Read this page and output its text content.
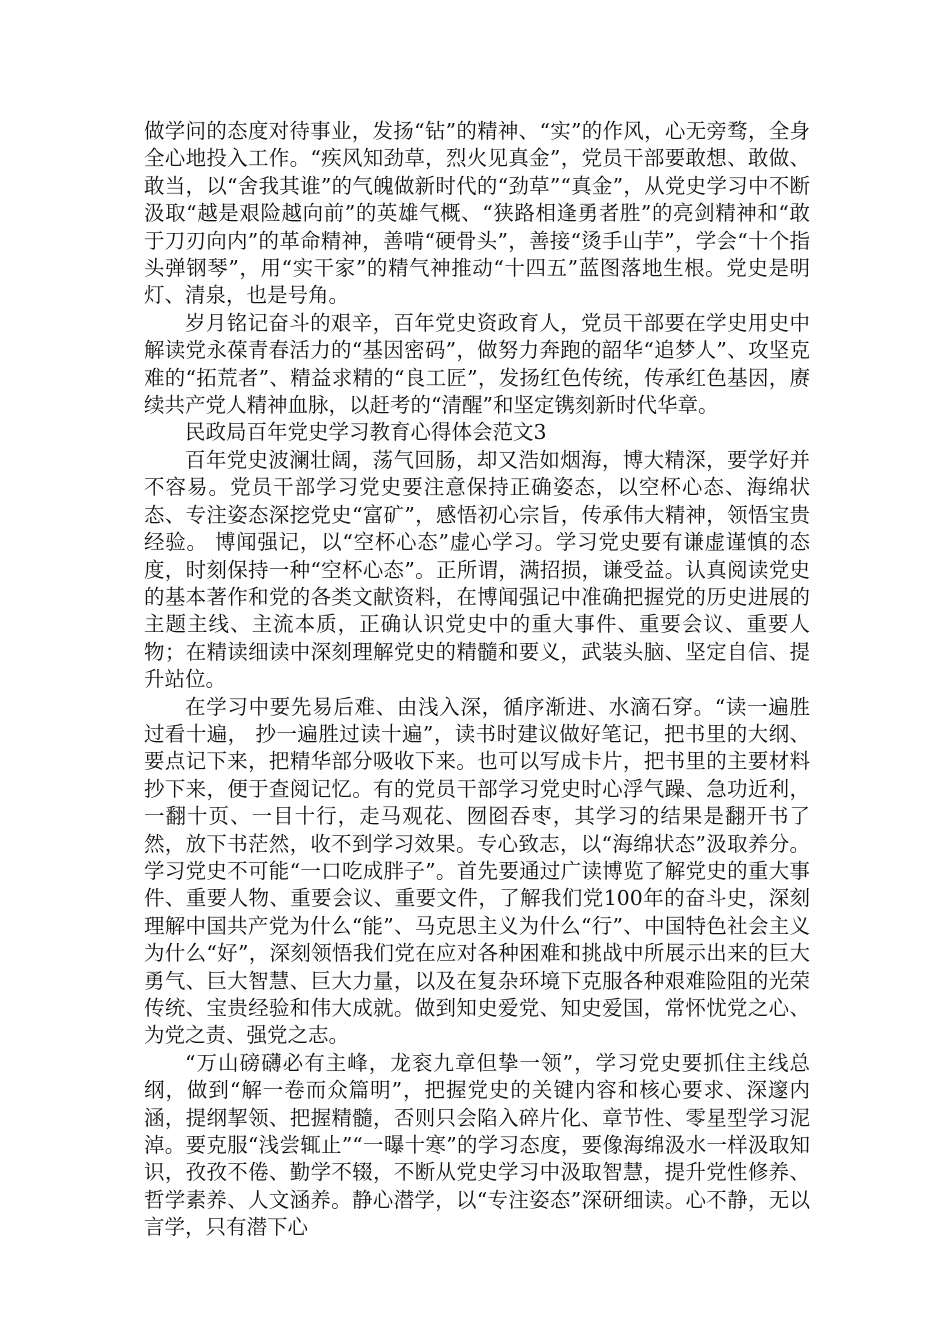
做学问的态度对待事业，发扬“钻”的精神、“实”的作风，心无旁骛，全身全心地投入工作。“疾风知劲草，烈火见真金”，党员干部要敢想、敢做、敢当，以“舍我其谁”的气魄做新时代的“劲草”“真金”，从党史学习中不断汲取“越是艰险越向前”的英雄气概、“狭路相逢勇者胜”的亮剑精神和“敢于刀刃向内”的革命精神，善啃“硬骨头”，善接“烫手山芋”，学会“十个指头弹钢琴”，用“实干家”的精气神推动“十四五”蓝图落地生根。党史是明灯、清泉，也是号角。

岁月铭记奋斗的艰辛，百年党史资政育人，党员干部要在学史用史中解读党永葆青春活力的“基因密码”，做努力奔跑的韶华“追梦人”、攻坚克难的“拓荒者”、精益求精的“良工匠”，发扬红色传统，传承红色基因，赓续共产党人精神血脉，以赶考的“清醒”和坚定镌刻新时代华章。

民政局百年党史学习教育心得体会范文3

百年党史波澜壮阔，荡气回肠，却又浩如烟海，博大精深，要学好并不容易。党员干部学习党史要注意保持正确姿态，以空杯心态、海绵状态、专注姿态深挖党史“富矿”，感悟初心宗旨，传承伟大精神，领悟宝贵经验。 博闻强记，以“空杯心态”虚心学习。学习党史要有谦虚谨慎的态度，时刻保持一种“空杯心态”。正所谓，满招损，谦受益。认真阅读党史的基本著作和党的各类文献资料，在博闻强记中准确把握党的历史进展的主题主线、主流本质，正确认识党史中的重大事件、重要会议、重要人物；在精读细读中深刻理解党史的精髓和要义，武装头脑、坚定自信、提升站位。

在学习中要先易后难、由浅入深，循序渐进、水滴石穿。“读一遍胜过看十遍， 抄一遍胜过读十遍”，读书时建议做好笔记，把书里的大纲、要点记下来，把精华部分吸收下来。也可以写成卡片，把书里的主要材料抄下来，便于查阅记忆。有的党员干部学习党史时心浮气躁、急功近利，一翻十页、一目十行，走马观花、囫囵吞枣，其学习的结果是翻开书了然，放下书茫然，收不到学习效果。专心致志，以“海绵状态”汲取养分。学习党史不可能“一口吃成胖子”。首先要通过广读博览了解党史的重大事件、重要人物、重要会议、重要文件，了解我们党100年的奋斗史，深刻理解中国共产党为什么“能”、马克思主义为什么“行”、中国特色社会主义为什么“好”，深刻领悟我们党在应对各种困难和挑战中所展示出来的巨大勇气、巨大智慧、巨大力量，以及在复杂环境下克服各种艰难险阻的光荣传统、宝贵经验和伟大成就。做到知史爱党、知史爱国，常怀忧党之心、为党之责、强党之志。

“万山磅礴必有主峰，龙衮九章但挚一领”，学习党史要抓住主线总纲，做到“解一卷而众篇明”，把握党史的关键内容和核心要求、深邃内涵，提纲挈领、把握精髓，否则只会陷入碎片化、章节性、零星型学习泥淖。要克服“浅尝辄止”“一曝十寒”的学习态度，要像海绵汲水一样汲取知识，孜孜不倦、勤学不辍，不断从党史学习中汲取智慧，提升党性修养、哲学素养、人文涵养。静心潜学，以“专注姿态”深研细读。心不静，无以言学，只有潜下心
